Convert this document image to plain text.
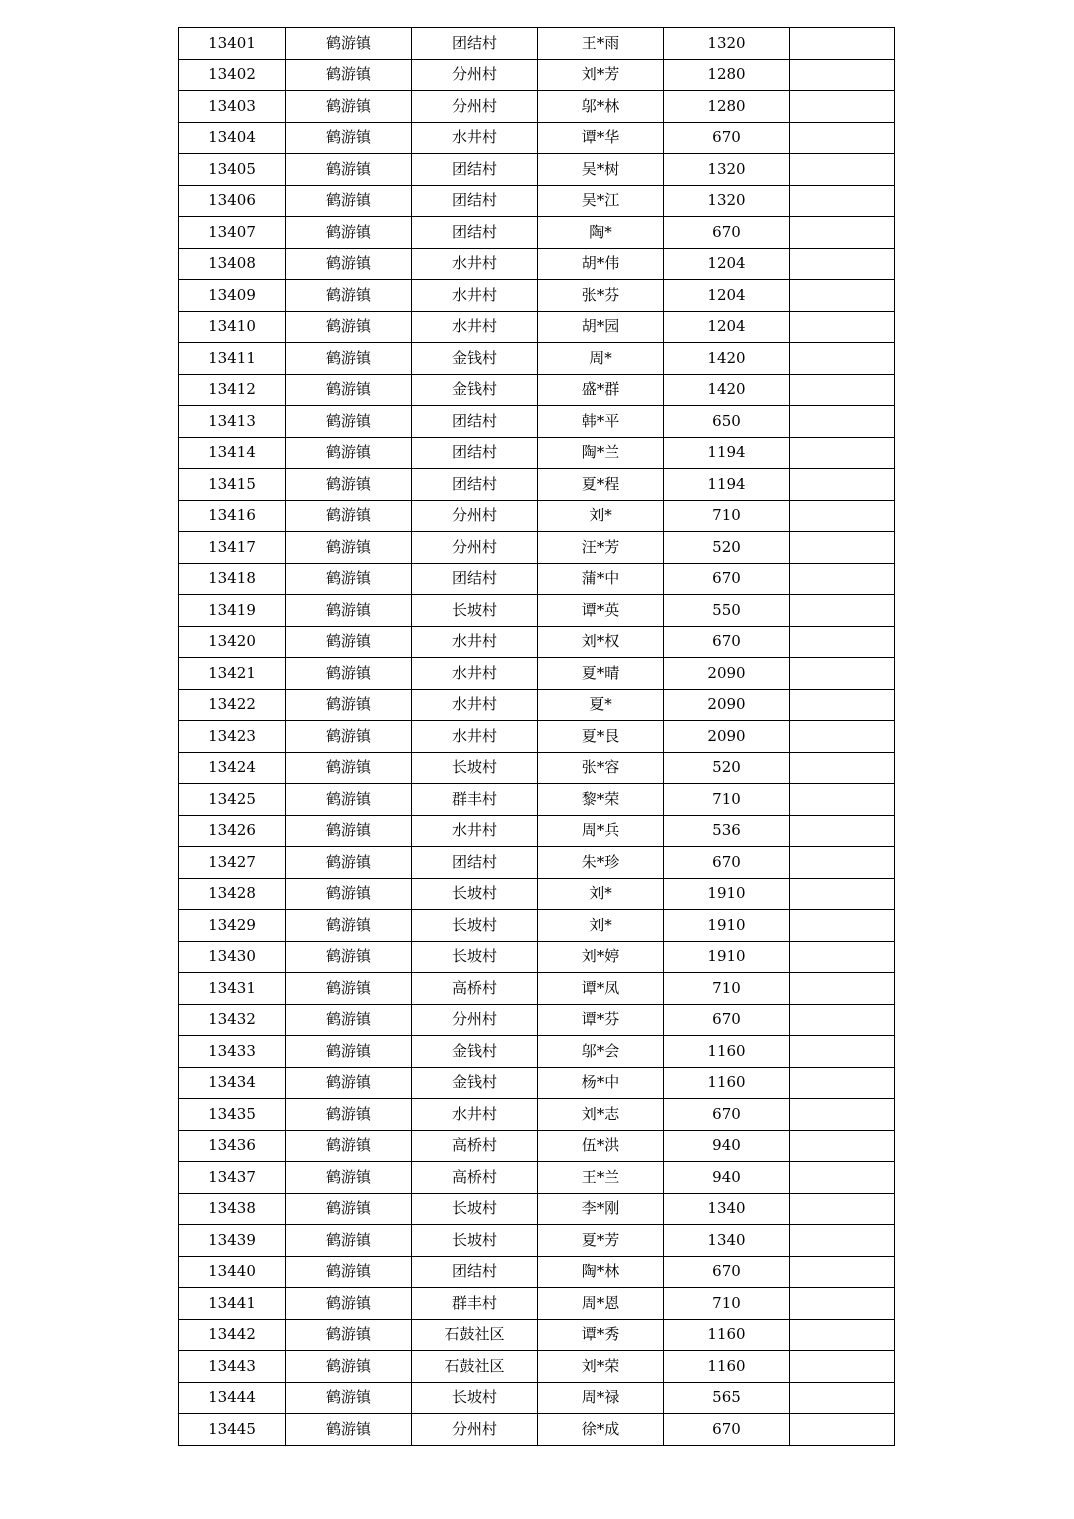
13401	鹤游镇	团结村	王*雨	1320	
13402	鹤游镇	分州村	刘*芳	1280	
13403	鹤游镇	分州村	邬*林	1280	
13404	鹤游镇	水井村	谭*华	670	
13405	鹤游镇	团结村	吴*树	1320	
13406	鹤游镇	团结村	吴*江	1320	
13407	鹤游镇	团结村	陶*	670	
13408	鹤游镇	水井村	胡*伟	1204	
13409	鹤游镇	水井村	张*芬	1204	
13410	鹤游镇	水井村	胡*园	1204	
13411	鹤游镇	金钱村	周*	1420	
13412	鹤游镇	金钱村	盛*群	1420	
13413	鹤游镇	团结村	韩*平	650	
13414	鹤游镇	团结村	陶*兰	1194	
13415	鹤游镇	团结村	夏*程	1194	
13416	鹤游镇	分州村	刘*	710	
13417	鹤游镇	分州村	汪*芳	520	
13418	鹤游镇	团结村	蒲*中	670	
13419	鹤游镇	长坡村	谭*英	550	
13420	鹤游镇	水井村	刘*权	670	
13421	鹤游镇	水井村	夏*晴	2090	
13422	鹤游镇	水井村	夏*	2090	
13423	鹤游镇	水井村	夏*艮	2090	
13424	鹤游镇	长坡村	张*容	520	
13425	鹤游镇	群丰村	黎*荣	710	
13426	鹤游镇	水井村	周*兵	536	
13427	鹤游镇	团结村	朱*珍	670	
13428	鹤游镇	长坡村	刘*	1910	
13429	鹤游镇	长坡村	刘*	1910	
13430	鹤游镇	长坡村	刘*婷	1910	
13431	鹤游镇	高桥村	谭*凤	710	
13432	鹤游镇	分州村	谭*芬	670	
13433	鹤游镇	金钱村	邬*会	1160	
13434	鹤游镇	金钱村	杨*中	1160	
13435	鹤游镇	水井村	刘*志	670	
13436	鹤游镇	高桥村	伍*洪	940	
13437	鹤游镇	高桥村	王*兰	940	
13438	鹤游镇	长坡村	李*刚	1340	
13439	鹤游镇	长坡村	夏*芳	1340	
13440	鹤游镇	团结村	陶*林	670	
13441	鹤游镇	群丰村	周*恩	710	
13442	鹤游镇	石鼓社区	谭*秀	1160	
13443	鹤游镇	石鼓社区	刘*荣	1160	
13444	鹤游镇	长坡村	周*禄	565	
13445	鹤游镇	分州村	徐*成	670	
